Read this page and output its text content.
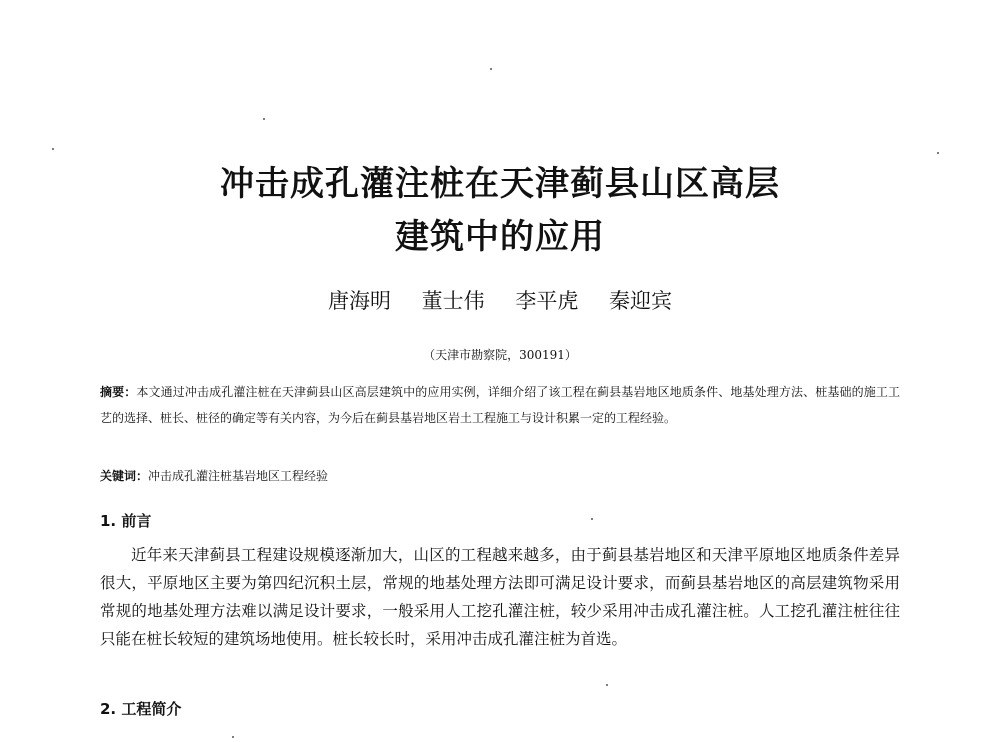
冲击成孔灌注桩在天津蓟县山区高层
建筑中的应用
唐海明 董士伟 李平虎 秦迎宾
（天津市勘察院，300191）
摘要：本文通过冲击成孔灌注桩在天津蓟县山区高层建筑中的应用实例，详细介绍了该工程在蓟县基岩地区地质条件、地基处理方法、桩基础的施工工艺的选择、桩长、桩径的确定等有关内容，为今后在蓟县基岩地区岩土工程施工与设计积累一定的工程经验。
关键词：冲击成孔灌注桩基岩地区工程经验
1. 前言

近年来天津蓟县工程建设规模逐渐加大，山区的工程越来越多，由于蓟县基岩地区和天津平原地区地质条件差异很大，平原地区主要为第四纪沉积土层，常规的地基处理方法即可满足设计要求，而蓟县基岩地区的高层建筑物采用常规的地基处理方法难以满足设计要求，一般采用人工挖孔灌注桩，较少采用冲击成孔灌注桩。人工挖孔灌注桩往往只能在桩长较短的建筑场地使用。桩长较长时，采用冲击成孔灌注桩为首选。

2. 工程简介
